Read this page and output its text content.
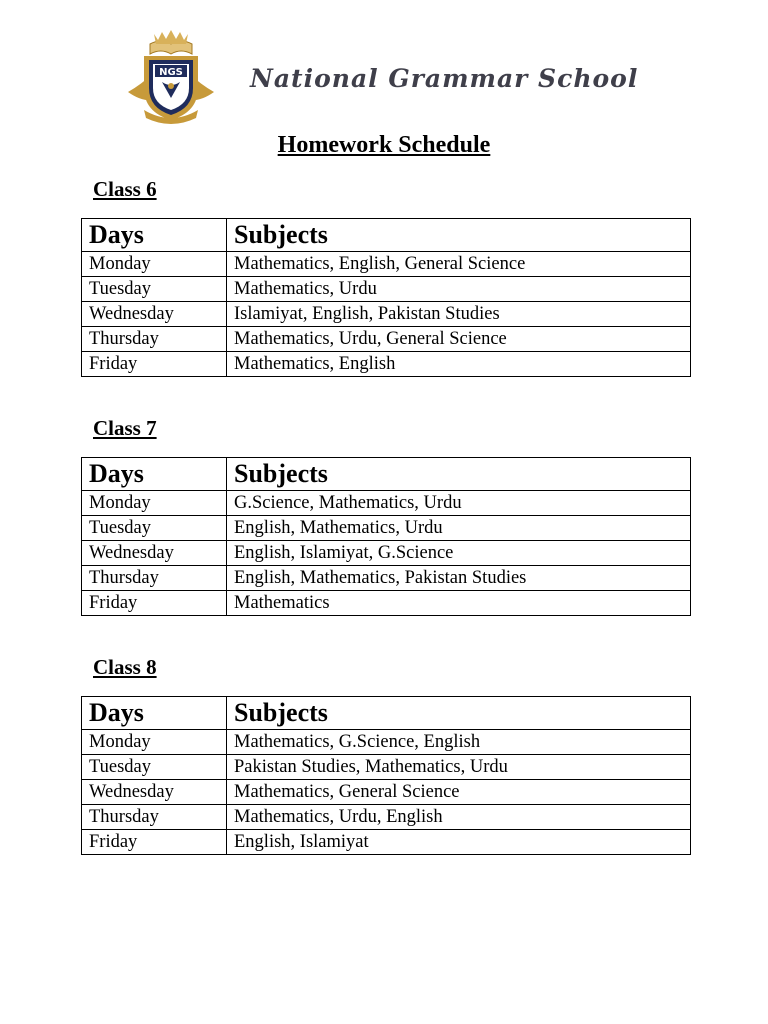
NGS	National Grammar School
Homework Schedule
Class 6
Days	Subjects
Monday	Mathematics, English, General Science
Tuesday	Mathematics, Urdu
Wednesday	Islamiyat, English, Pakistan Studies
Thursday	Mathematics, Urdu, General Science
Friday	Mathematics, English
Class 7
Days	Subjects
Monday	G.Science, Mathematics, Urdu
Tuesday	English, Mathematics, Urdu
Wednesday	English, Islamiyat, G.Science
Thursday	English, Mathematics, Pakistan Studies
Friday	Mathematics
Class 8
Days	Subjects
Monday	Mathematics, G.Science, English
Tuesday	Pakistan Studies, Mathematics, Urdu
Wednesday	Mathematics, General Science
Thursday	Mathematics, Urdu, English
Friday	English, Islamiyat
